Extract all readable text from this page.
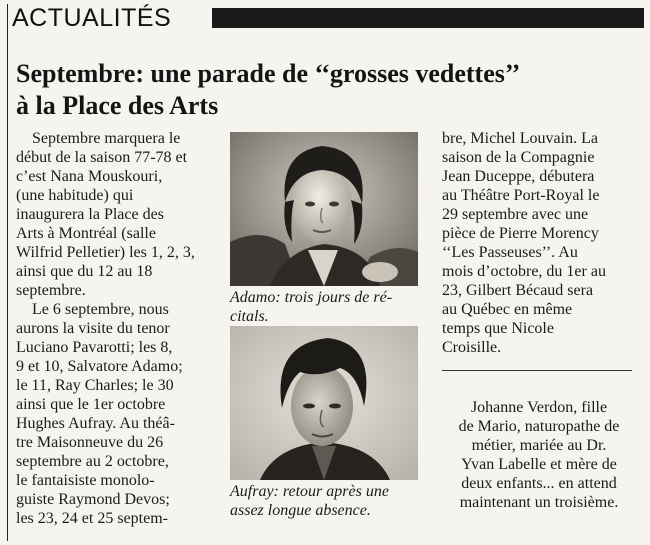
ACTUALITÉS
Septembre: une parade de ‘‘grosses vedettes’’
à la Place des Arts
Septembre marquera le
début de la saison 77-78 et
c’est Nana Mouskouri,
(une habitude) qui
inaugurera la Place des
Arts à Montréal (salle
Wilfrid Pelletier) les 1, 2, 3,
ainsi que du 12 au 18
septembre.
Le 6 septembre, nous
aurons la visite du tenor
Luciano Pavarotti; les 8,
9 et 10, Salvatore Adamo;
le 11, Ray Charles; le 30
ainsi que le 1er octobre
Hughes Aufray. Au théâ-
tre Maisonneuve du 26
septembre au 2 octobre,
le fantaisiste monolo-
guiste Raymond Devos;
les 23, 24 et 25 septem-
Adamo: trois jours de ré-
citals.
Aufray: retour après une
assez longue absence.
bre, Michel Louvain. La
saison de la Compagnie
Jean Duceppe, débutera
au Théâtre Port-Royal le
29 septembre avec une
pièce de Pierre Morency
‘‘Les Passeuses’’. Au
mois d’octobre, du 1er au
23, Gilbert Bécaud sera
au Québec en même
temps que Nicole
Croisille.
Johanne Verdon, fille
de Mario, naturopathe de
métier, mariée au Dr.
Yvan Labelle et mère de
deux enfants... en attend
maintenant un troisième.
